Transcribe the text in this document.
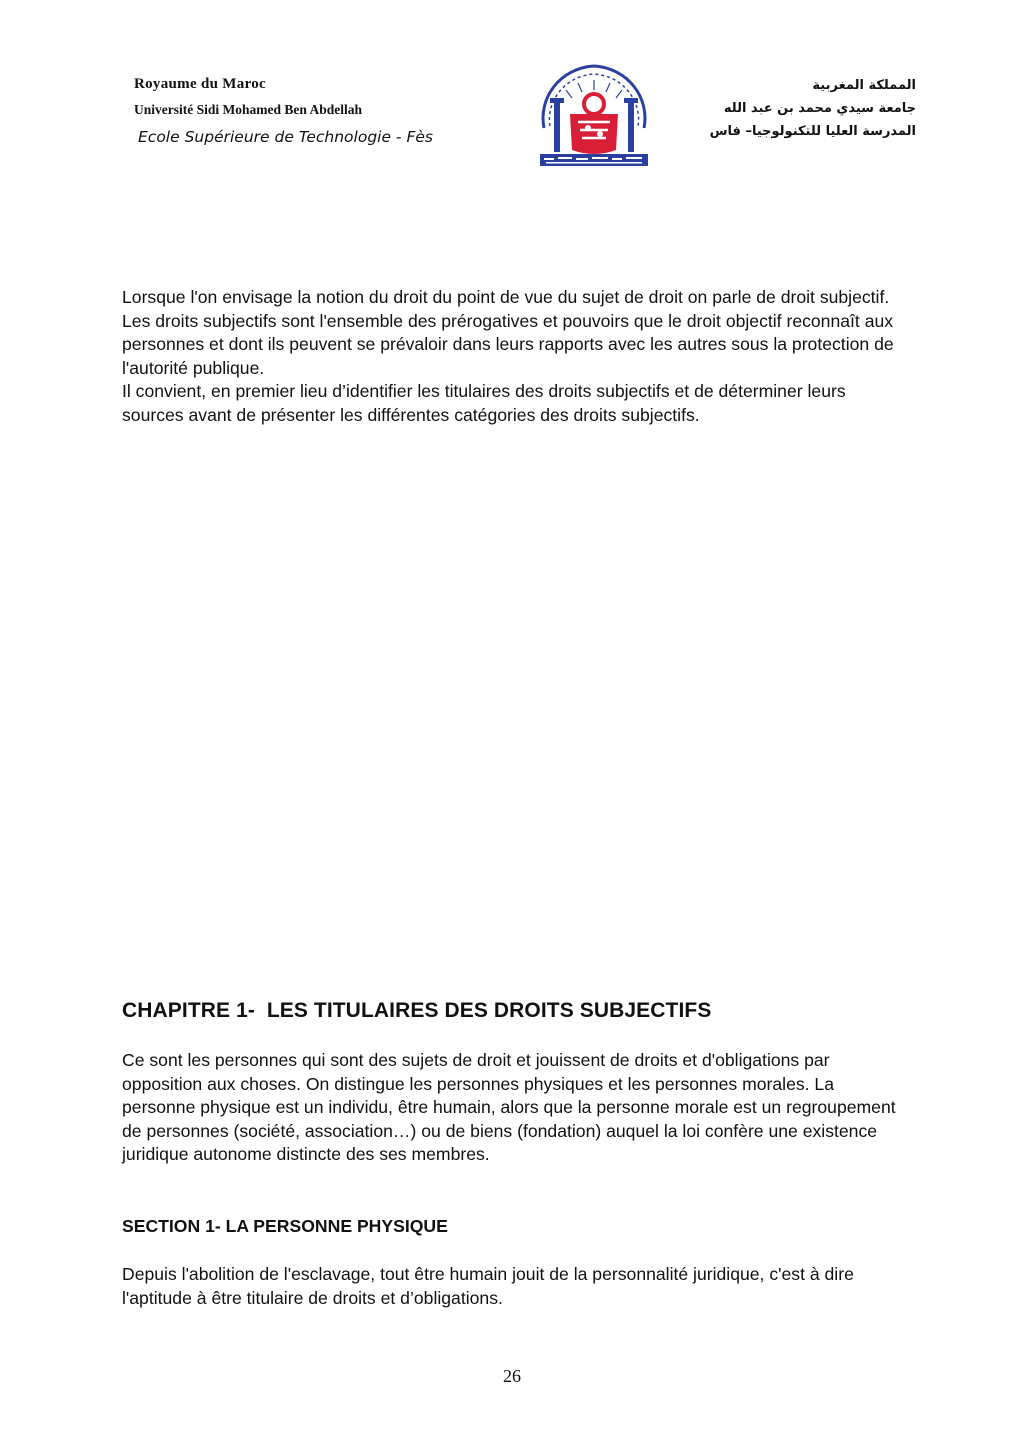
Royaume du Maroc
Université Sidi Mohamed Ben Abdellah
Ecole Supérieure de Technologie - Fès
المملكة المغربية
جامعة سيدي محمد بن عبد الله
المدرسة العليا للتكنولوجيا– فاس

Lorsque l'on envisage la notion du droit du point de vue du sujet de droit on parle de droit subjectif.

Les droits subjectifs sont l'ensemble des prérogatives et pouvoirs que le droit objectif reconnaît aux personnes et dont ils peuvent se prévaloir dans leurs rapports avec les autres sous la protection de l'autorité publique.

Il convient, en premier lieu d’identifier les titulaires des droits subjectifs et de déterminer leurs sources avant de présenter les différentes catégories des droits subjectifs.

CHAPITRE 1-  LES TITULAIRES DES DROITS SUBJECTIFS

Ce sont les personnes qui sont des sujets de droit et jouissent de droits et d'obligations par opposition aux choses. On distingue les personnes physiques et les personnes morales. La personne physique est un individu, être humain, alors que la personne morale est un regroupement de personnes (société, association…) ou de biens (fondation) auquel la loi confère une existence juridique autonome distincte des ses membres.

SECTION 1- LA PERSONNE PHYSIQUE

Depuis l'abolition de l'esclavage, tout être humain jouit de la personnalité juridique, c'est à dire l'aptitude à être titulaire de droits et d’obligations.

26
